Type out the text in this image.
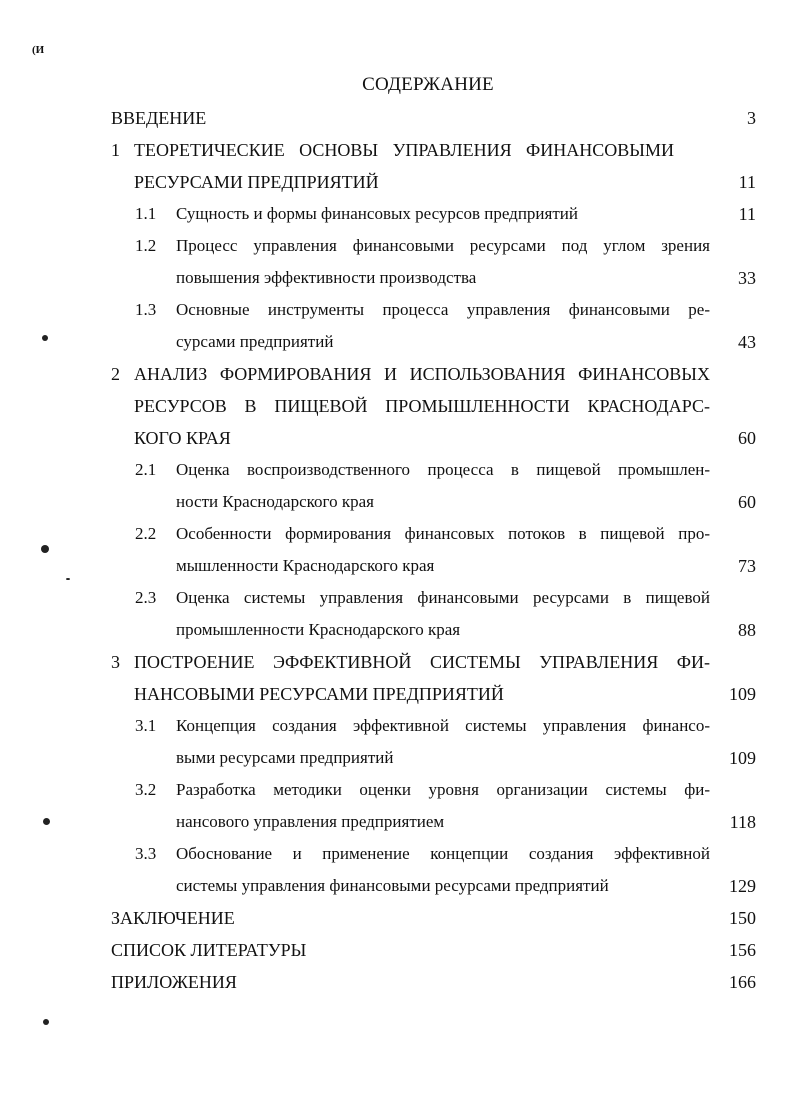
(И
СОДЕРЖАНИЕ
ВВЕДЕНИЕ	3
1 ТЕОРЕТИЧЕСКИЕ ОСНОВЫ УПРАВЛЕНИЯ ФИНАНСОВЫМИ
РЕСУРСАМИ ПРЕДПРИЯТИЙ	11
1.1 Сущность и формы финансовых ресурсов предприятий	11
1.2 Процесс управления финансовыми ресурсами под углом зрения
повышения эффективности производства	33
1.3 Основные инструменты процесса управления финансовыми ре-
сурсами предприятий	43
2 АНАЛИЗ ФОРМИРОВАНИЯ И ИСПОЛЬЗОВАНИЯ ФИНАНСОВЫХ
РЕСУРСОВ В ПИЩЕВОЙ ПРОМЫШЛЕННОСТИ КРАСНОДАРС-
КОГО КРАЯ	60
2.1 Оценка воспроизводственного процесса в пищевой промышлен-
ности Краснодарского края	60
2.2 Особенности формирования финансовых потоков в пищевой про-
мышленности Краснодарского края	73
2.3 Оценка системы управления финансовыми ресурсами в пищевой
промышленности Краснодарского края	88
3 ПОСТРОЕНИЕ ЭФФЕКТИВНОЙ СИСТЕМЫ УПРАВЛЕНИЯ ФИ-
НАНСОВЫМИ РЕСУРСАМИ ПРЕДПРИЯТИЙ	109
3.1 Концепция создания эффективной системы управления финансо-
выми ресурсами предприятий	109
3.2 Разработка методики оценки уровня организации системы фи-
нансового управления предприятием	118
3.3 Обоснование и применение концепции создания эффективной
системы управления финансовыми ресурсами предприятий	129
ЗАКЛЮЧЕНИЕ	150
СПИСОК ЛИТЕРАТУРЫ	156
ПРИЛОЖЕНИЯ	166
